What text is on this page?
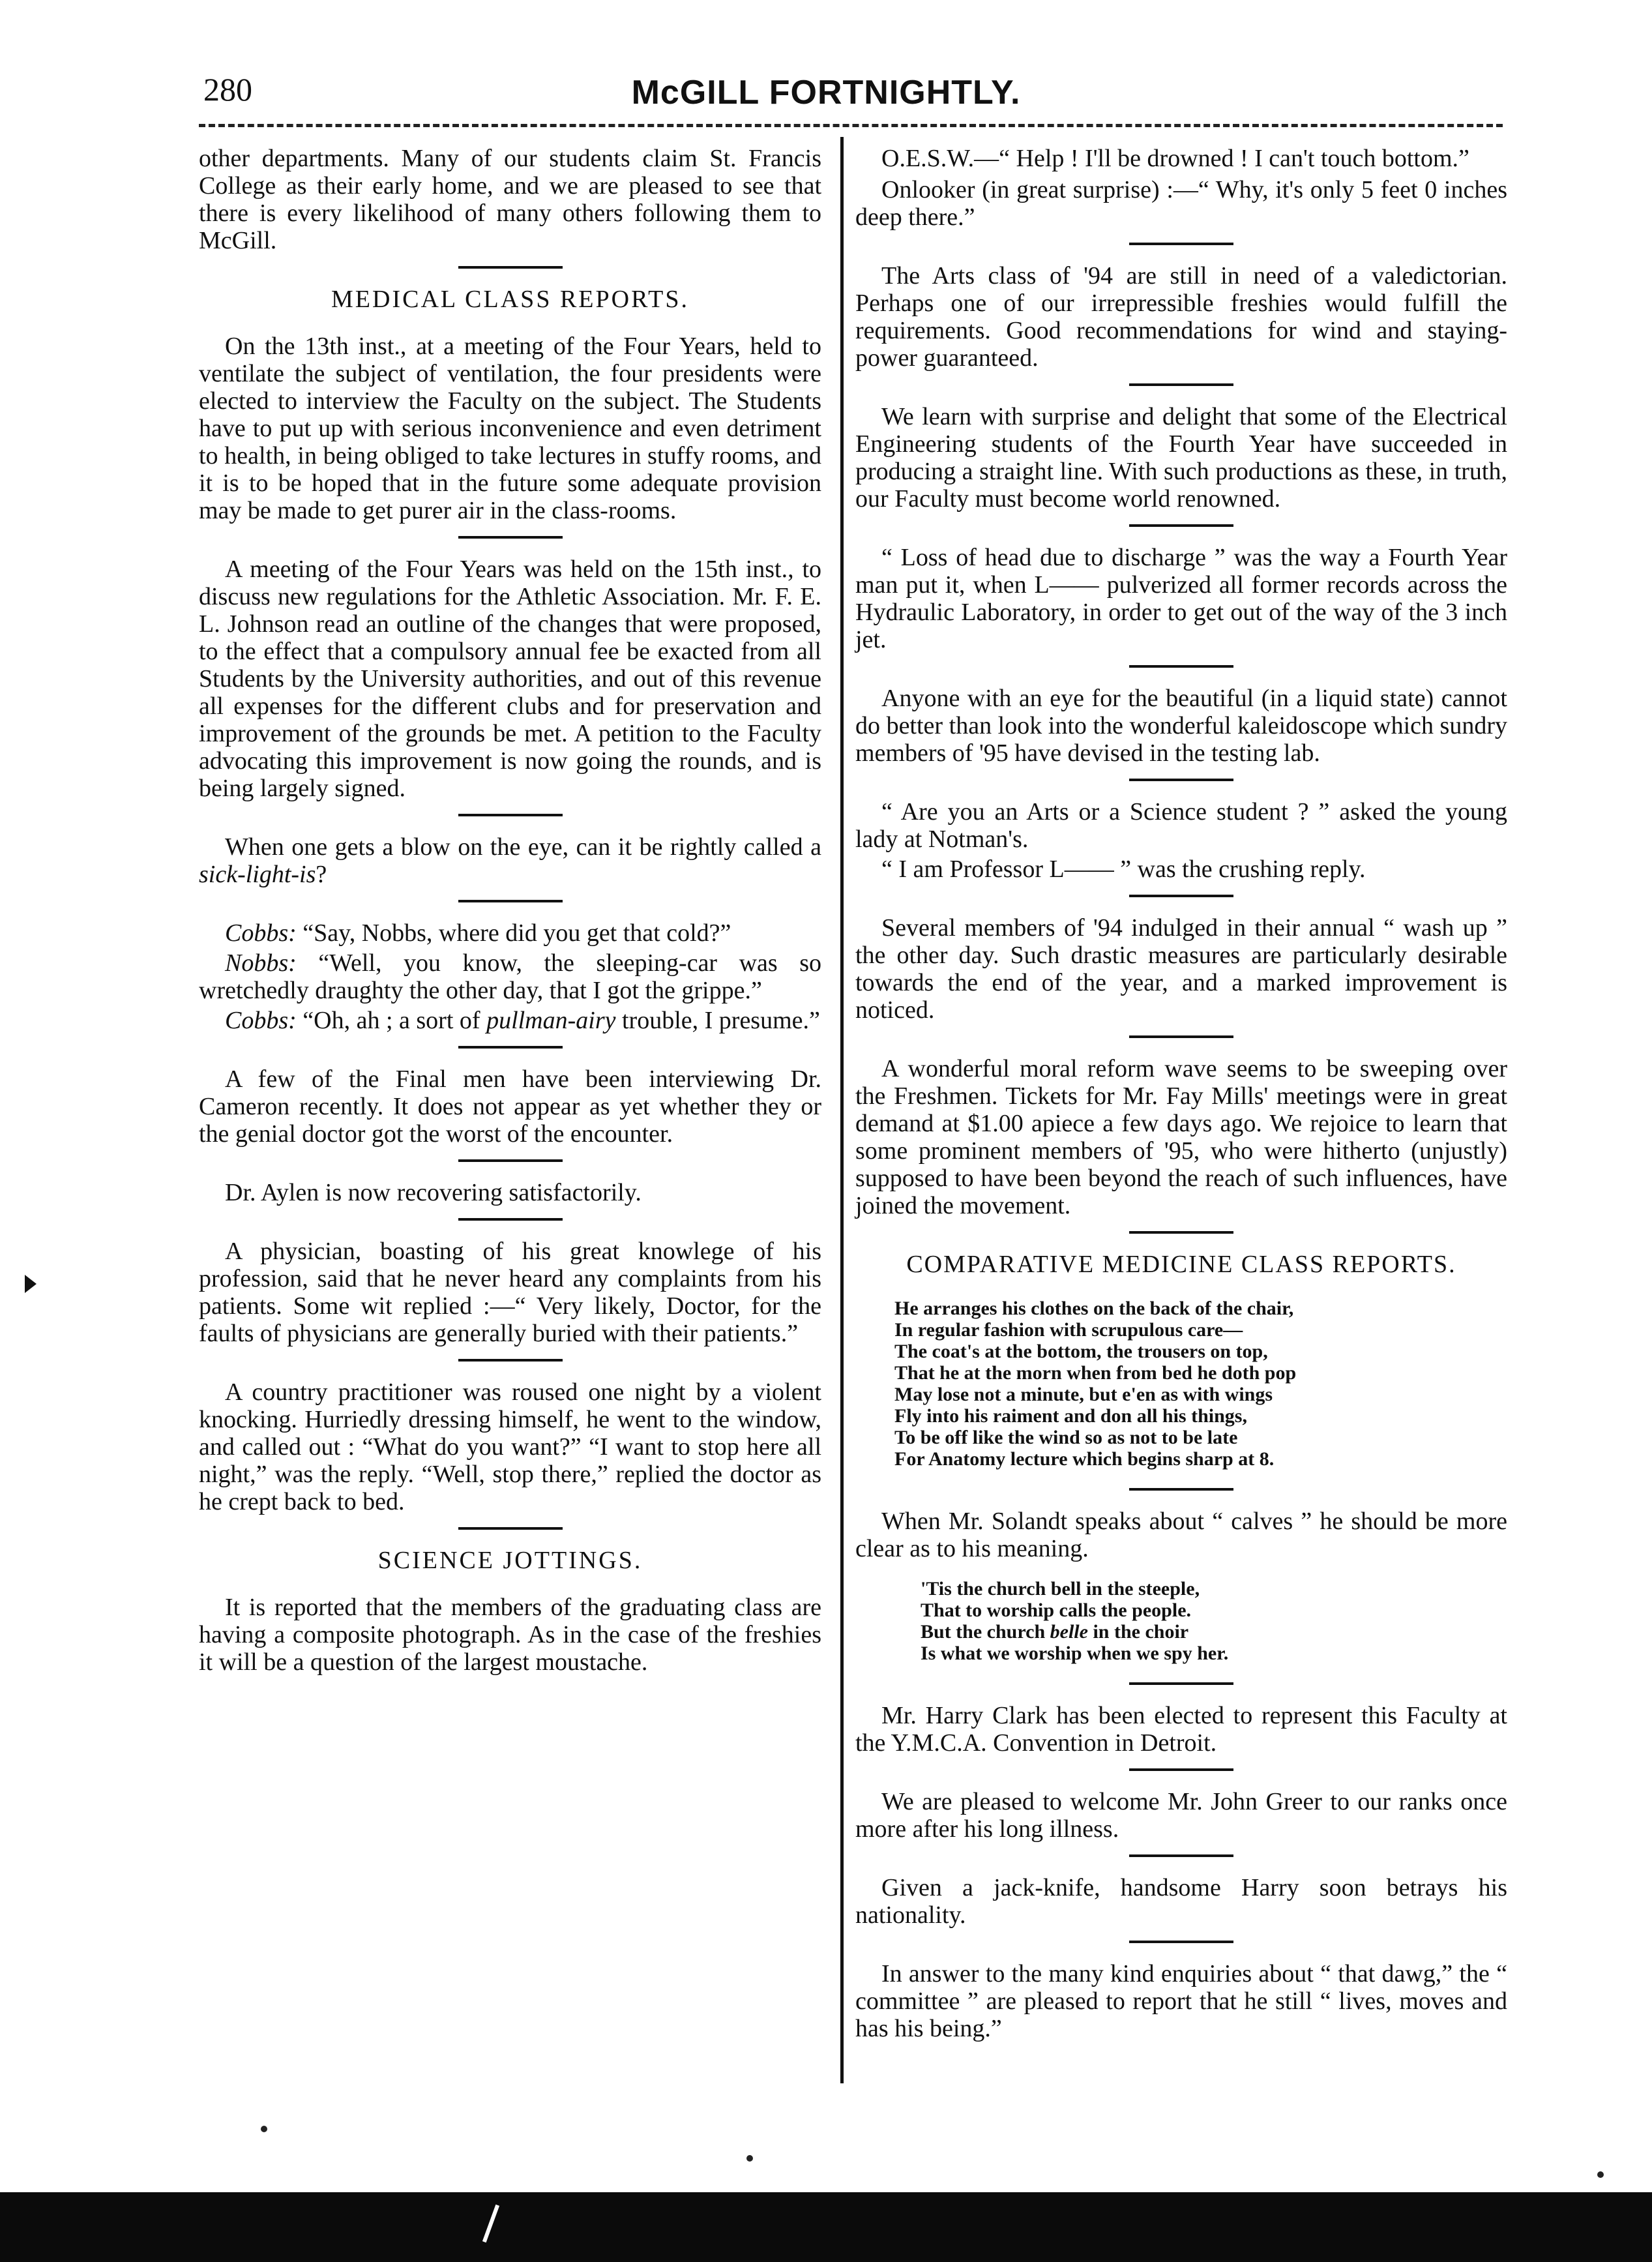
280	McGILL FORTNIGHTLY.

other departments. Many of our students claim St. Francis College as their early home, and we are pleased to see that there is every likelihood of many others following them to McGill.

MEDICAL CLASS REPORTS.

On the 13th inst., at a meeting of the Four Years, held to ventilate the subject of ventilation, the four presidents were elected to interview the Faculty on the subject. The Students have to put up with serious inconvenience and even detriment to health, in being obliged to take lectures in stuffy rooms, and it is to be hoped that in the future some adequate provision may be made to get purer air in the class-rooms.

A meeting of the Four Years was held on the 15th inst., to discuss new regulations for the Athletic Association. Mr. F. E. L. Johnson read an outline of the changes that were proposed, to the effect that a compulsory annual fee be exacted from all Students by the University authorities, and out of this revenue all expenses for the different clubs and for preservation and improvement of the grounds be met. A petition to the Faculty advocating this improvement is now going the rounds, and is being largely signed.

When one gets a blow on the eye, can it be rightly called a sick-light-is?

Cobbs: “Say, Nobbs, where did you get that cold?”

Nobbs: “Well, you know, the sleeping-car was so wretchedly draughty the other day, that I got the grippe.”

Cobbs: “Oh, ah ; a sort of pullman-airy trouble, I presume.”

A few of the Final men have been interviewing Dr. Cameron recently. It does not appear as yet whether they or the genial doctor got the worst of the encounter.

Dr. Aylen is now recovering satisfactorily.

A physician, boasting of his great knowlege of his profession, said that he never heard any complaints from his patients. Some wit replied :—“ Very likely, Doctor, for the faults of physicians are generally buried with their patients.”

A country practitioner was roused one night by a violent knocking. Hurriedly dressing himself, he went to the window, and called out : “What do you want?” “I want to stop here all night,” was the reply. “Well, stop there,” replied the doctor as he crept back to bed.

SCIENCE JOTTINGS.

It is reported that the members of the graduating class are having a composite photograph. As in the case of the freshies it will be a question of the largest moustache.

O.E.S.W.—“ Help ! I'll be drowned ! I can't touch bottom.”

Onlooker (in great surprise) :—“ Why, it's only 5 feet 0 inches deep there.”

The Arts class of '94 are still in need of a valedictorian. Perhaps one of our irrepressible freshies would fulfill the requirements. Good recommendations for wind and staying-power guaranteed.

We learn with surprise and delight that some of the Electrical Engineering students of the Fourth Year have succeeded in producing a straight line. With such productions as these, in truth, our Faculty must become world renowned.

“ Loss of head due to discharge ” was the way a Fourth Year man put it, when L—— pulverized all former records across the Hydraulic Laboratory, in order to get out of the way of the 3 inch jet.

Anyone with an eye for the beautiful (in a liquid state) cannot do better than look into the wonderful kaleidoscope which sundry members of '95 have devised in the testing lab.

“ Are you an Arts or a Science student ? ” asked the young lady at Notman's.

“ I am Professor L—— ” was the crushing reply.

Several members of '94 indulged in their annual “ wash up ” the other day. Such drastic measures are particularly desirable towards the end of the year, and a marked improvement is noticed.

A wonderful moral reform wave seems to be sweeping over the Freshmen. Tickets for Mr. Fay Mills' meetings were in great demand at $1.00 apiece a few days ago. We rejoice to learn that some prominent members of '95, who were hitherto (unjustly) supposed to have been beyond the reach of such influences, have joined the movement.

COMPARATIVE MEDICINE CLASS REPORTS.
He arranges his clothes on the back of the chair,
In regular fashion with scrupulous care—
The coat's at the bottom, the trousers on top,
That he at the morn when from bed he doth pop
May lose not a minute, but e'en as with wings
Fly into his raiment and don all his things,
To be off like the wind so as not to be late
For Anatomy lecture which begins sharp at 8.

When Mr. Solandt speaks about “ calves ” he should be more clear as to his meaning.

'Tis the church bell in the steeple,
That to worship calls the people.
But the church belle in the choir
Is what we worship when we spy her.

Mr. Harry Clark has been elected to represent this Faculty at the Y.M.C.A. Convention in Detroit.

We are pleased to welcome Mr. John Greer to our ranks once more after his long illness.

Given a jack-knife, handsome Harry soon betrays his nationality.

In answer to the many kind enquiries about “ that dawg,” the “ committee ” are pleased to report that he still “ lives, moves and has his being.”
